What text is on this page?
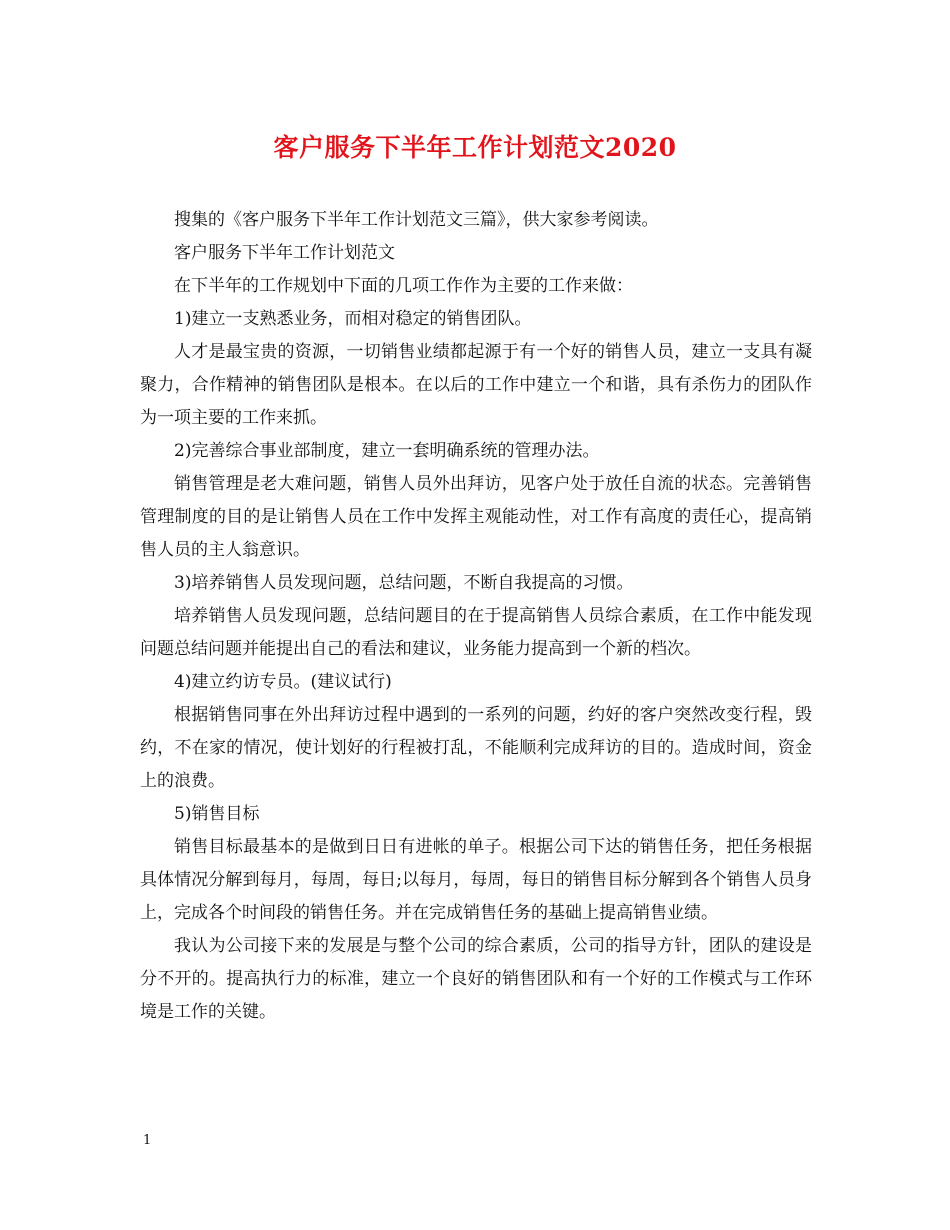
客户服务下半年工作计划范文2020

搜集的《客户服务下半年工作计划范文三篇》，供大家参考阅读。

客户服务下半年工作计划范文

在下半年的工作规划中下面的几项工作作为主要的工作来做：

1)建立一支熟悉业务，而相对稳定的销售团队。

人才是最宝贵的资源，一切销售业绩都起源于有一个好的销售人员，建立一支具有凝聚力，合作精神的销售团队是根本。在以后的工作中建立一个和谐，具有杀伤力的团队作为一项主要的工作来抓。

2)完善综合事业部制度，建立一套明确系统的管理办法。

销售管理是老大难问题，销售人员外出拜访，见客户处于放任自流的状态。完善销售管理制度的目的是让销售人员在工作中发挥主观能动性，对工作有高度的责任心，提高销售人员的主人翁意识。

3)培养销售人员发现问题，总结问题，不断自我提高的习惯。

培养销售人员发现问题，总结问题目的在于提高销售人员综合素质，在工作中能发现问题总结问题并能提出自己的看法和建议，业务能力提高到一个新的档次。

4)建立约访专员。(建议试行)

根据销售同事在外出拜访过程中遇到的一系列的问题，约好的客户突然改变行程，毁约，不在家的情况，使计划好的行程被打乱，不能顺利完成拜访的目的。造成时间，资金上的浪费。

5)销售目标

销售目标最基本的是做到日日有进帐的单子。根据公司下达的销售任务，把任务根据具体情况分解到每月，每周，每日;以每月，每周，每日的销售目标分解到各个销售人员身上，完成各个时间段的销售任务。并在完成销售任务的基础上提高销售业绩。

我认为公司接下来的发展是与整个公司的综合素质，公司的指导方针，团队的建设是分不开的。提高执行力的标准，建立一个良好的销售团队和有一个好的工作模式与工作环境是工作的关键。

1
